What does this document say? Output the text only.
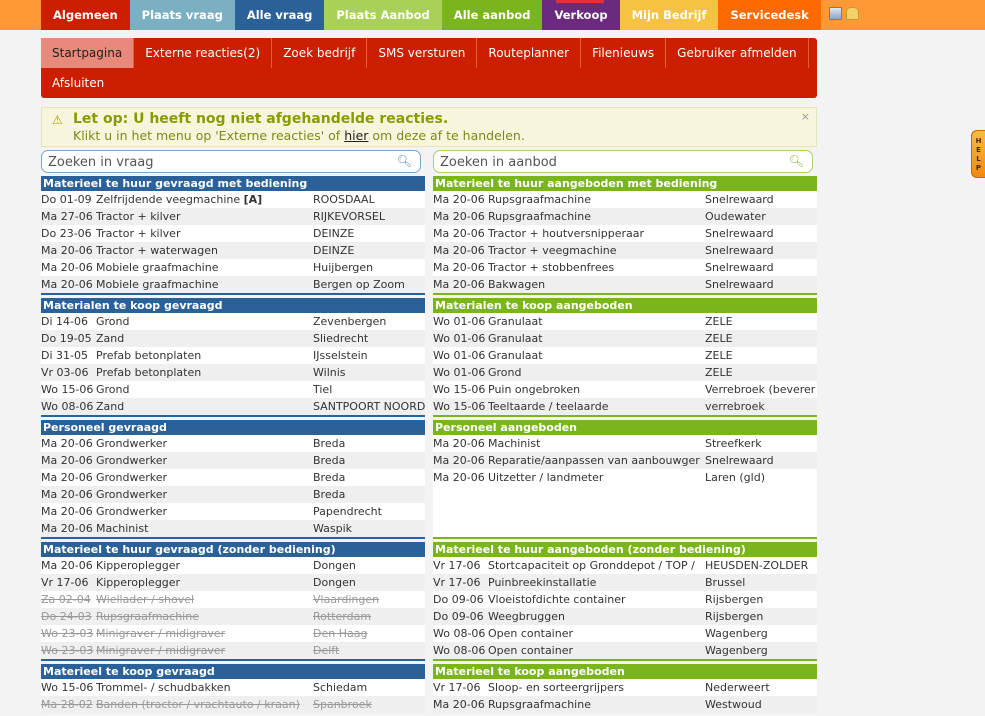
Algemeen	Plaats vraag	Alle vraag	Plaats Aanbod	Alle aanbod	Verkoop	Mijn Bedrijf	Servicedesk
Startpagina	Externe reacties(2)	Zoek bedrijf	SMS versturen	Routeplanner	Filenieuws	Gebruiker afmelden
Afsluiten
⚠ Let op: U heeft nog niet afgehandelde reacties.
Klikt u in het menu op 'Externe reacties' of hier om deze af te handelen.
×
Zoeken in vraag
🔍︎
Zoeken in aanbod	🔍︎
Materieel te huur gevraagd met bediening
Do 01-09 Zelfrijdende veegmachine [A]	ROOSDAAL
Ma 27-06 Tractor + kilver	RIJKEVORSEL
Do 23-06 Tractor + kilver	DEINZE
Ma 20-06 Tractor + waterwagen	DEINZE
Ma 20-06 Mobiele graafmachine	Huijbergen
Ma 20-06 Mobiele graafmachine	Bergen op Zoom
Materialen te koop gevraagd
Di 14-06 Grond	Zevenbergen
Do 19-05 Zand	Sliedrecht
Di 31-05 Prefab betonplaten	IJsselstein
Vr 03-06 Prefab betonplaten	Wilnis
Wo 15-06 Grond	Tiel
Wo 08-06 Zand	SANTPOORT NOORD
Personeel gevraagd
Ma 20-06 Grondwerker	Breda
Ma 20-06 Grondwerker	Breda
Ma 20-06 Grondwerker	Breda
Ma 20-06 Grondwerker	Breda
Ma 20-06 Grondwerker	Papendrecht
Ma 20-06 Machinist	Waspik
Materieel te huur gevraagd (zonder bediening)
Ma 20-06 Kipperoplegger	Dongen
Vr 17-06 Kipperoplegger	Dongen
Za 02-04 Wiellader / shovel	Vlaardingen
Do 24-03 Rupsgraafmachine	Rotterdam
Wo 23-03 Minigraver / midigraver	Den Haag
Wo 23-03 Minigraver / midigraver	Delft
Materieel te koop gevraagd
Wo 15-06 Trommel- / schudbakken	Schiedam
Ma 28-02 Banden (tractor / vrachtauto / kraan)	Spanbroek
Materieel te huur aangeboden met bediening
Ma 20-06 Rupsgraafmachine	Snelrewaard
Ma 20-06 Rupsgraafmachine	Oudewater
Ma 20-06 Tractor + houtversnipperaar	Snelrewaard
Ma 20-06 Tractor + veegmachine	Snelrewaard
Ma 20-06 Tractor + stobbenfrees	Snelrewaard
Ma 20-06 Bakwagen	Snelrewaard
Materialen te koop aangeboden
Wo 01-06 Granulaat	ZELE
Wo 01-06 Granulaat	ZELE
Wo 01-06 Granulaat	ZELE
Wo 01-06 Grond	ZELE
Wo 15-06 Puin ongebroken	Verrebroek (beverer
Wo 15-06 Teeltaarde / teelaarde	verrebroek
Personeel aangeboden
Ma 20-06 Machinist	Streefkerk
Ma 20-06 Reparatie/aanpassen van aanbouwger Snelrewaard
Ma 20-06 Uitzetter / landmeter	Laren (gld)
Materieel te huur aangeboden (zonder bediening)
Vr 17-06 Stortcapaciteit op Gronddepot / TOP / HEUSDEN-ZOLDER
Vr 17-06 Puinbreekinstallatie	Brussel
Do 09-06 Vloeistofdichte container	Rijsbergen
Do 09-06 Weegbruggen	Rijsbergen
Wo 08-06 Open container	Wagenberg
Wo 08-06 Open container	Wagenberg
Materieel te koop aangeboden
Vr 17-06 Sloop- en sorteergrijpers	Nederweert
Ma 20-06 Rupsgraafmachine	Westwoud
HELP
